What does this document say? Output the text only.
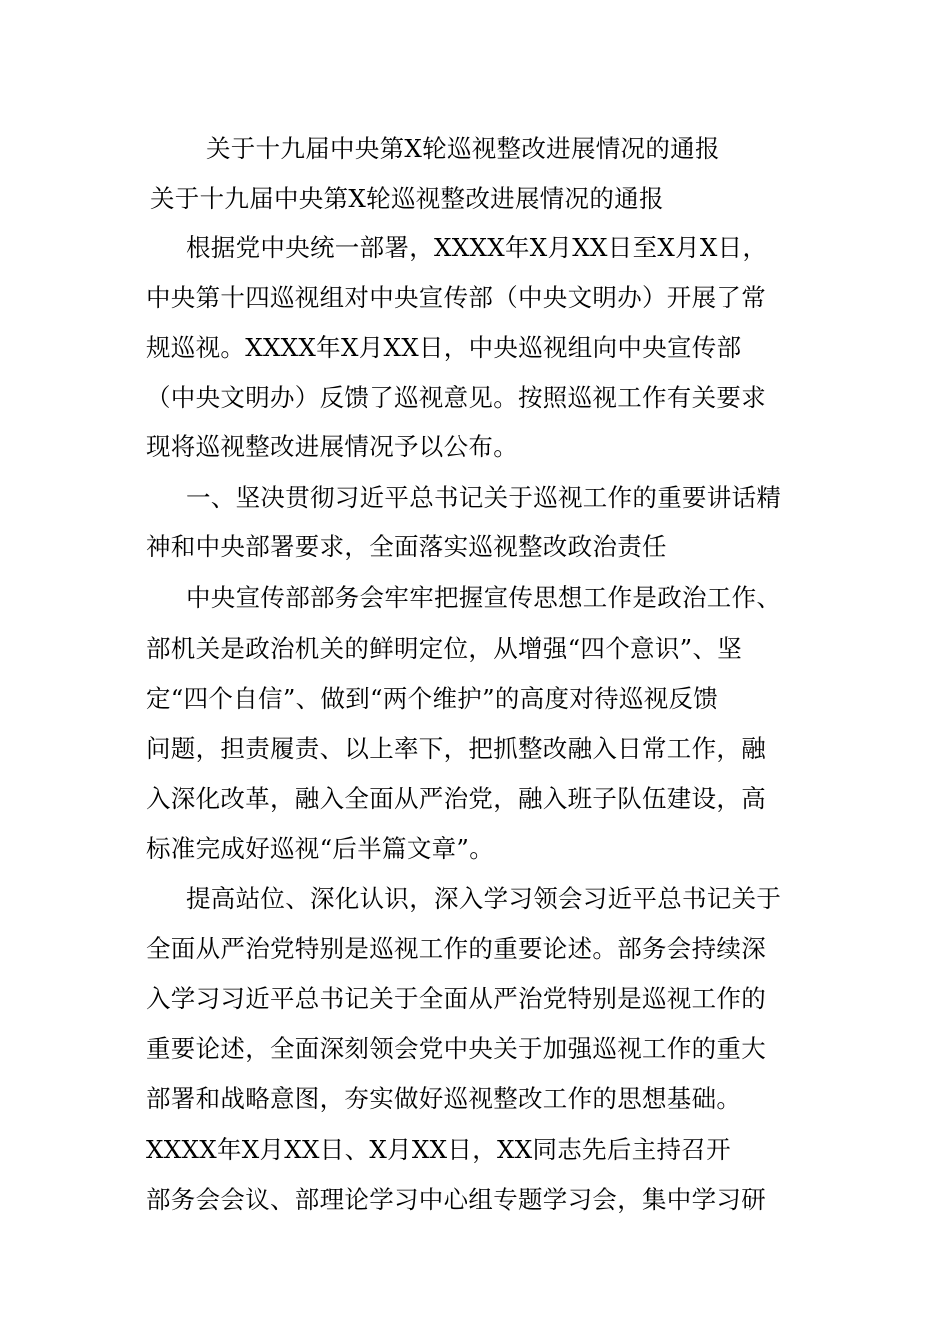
关于十九届中央第X轮巡视整改进展情况的通报
关于十九届中央第X轮巡视整改进展情况的通报
根据党中央统一部署，XXXX年X月XX日至X月X日，
中央第十四巡视组对中央宣传部（中央文明办）开展了常
规巡视。XXXX年X月XX日，中央巡视组向中央宣传部
（中央文明办）反馈了巡视意见。按照巡视工作有关要求
现将巡视整改进展情况予以公布。
一、坚决贯彻习近平总书记关于巡视工作的重要讲话精
神和中央部署要求，全面落实巡视整改政治责任
中央宣传部部务会牢牢把握宣传思想工作是政治工作、
部机关是政治机关的鲜明定位，从增强“四个意识”、坚
定“四个自信”、做到“两个维护”的高度对待巡视反馈
问题，担责履责、以上率下，把抓整改融入日常工作，融
入深化改革，融入全面从严治党，融入班子队伍建设，高
标准完成好巡视“后半篇文章”。
提高站位、深化认识，深入学习领会习近平总书记关于
全面从严治党特别是巡视工作的重要论述。部务会持续深
入学习习近平总书记关于全面从严治党特别是巡视工作的
重要论述，全面深刻领会党中央关于加强巡视工作的重大
部署和战略意图，夯实做好巡视整改工作的思想基础。
XXXX年X月XX日、X月XX日，XX同志先后主持召开
部务会会议、部理论学习中心组专题学习会，集中学习研
